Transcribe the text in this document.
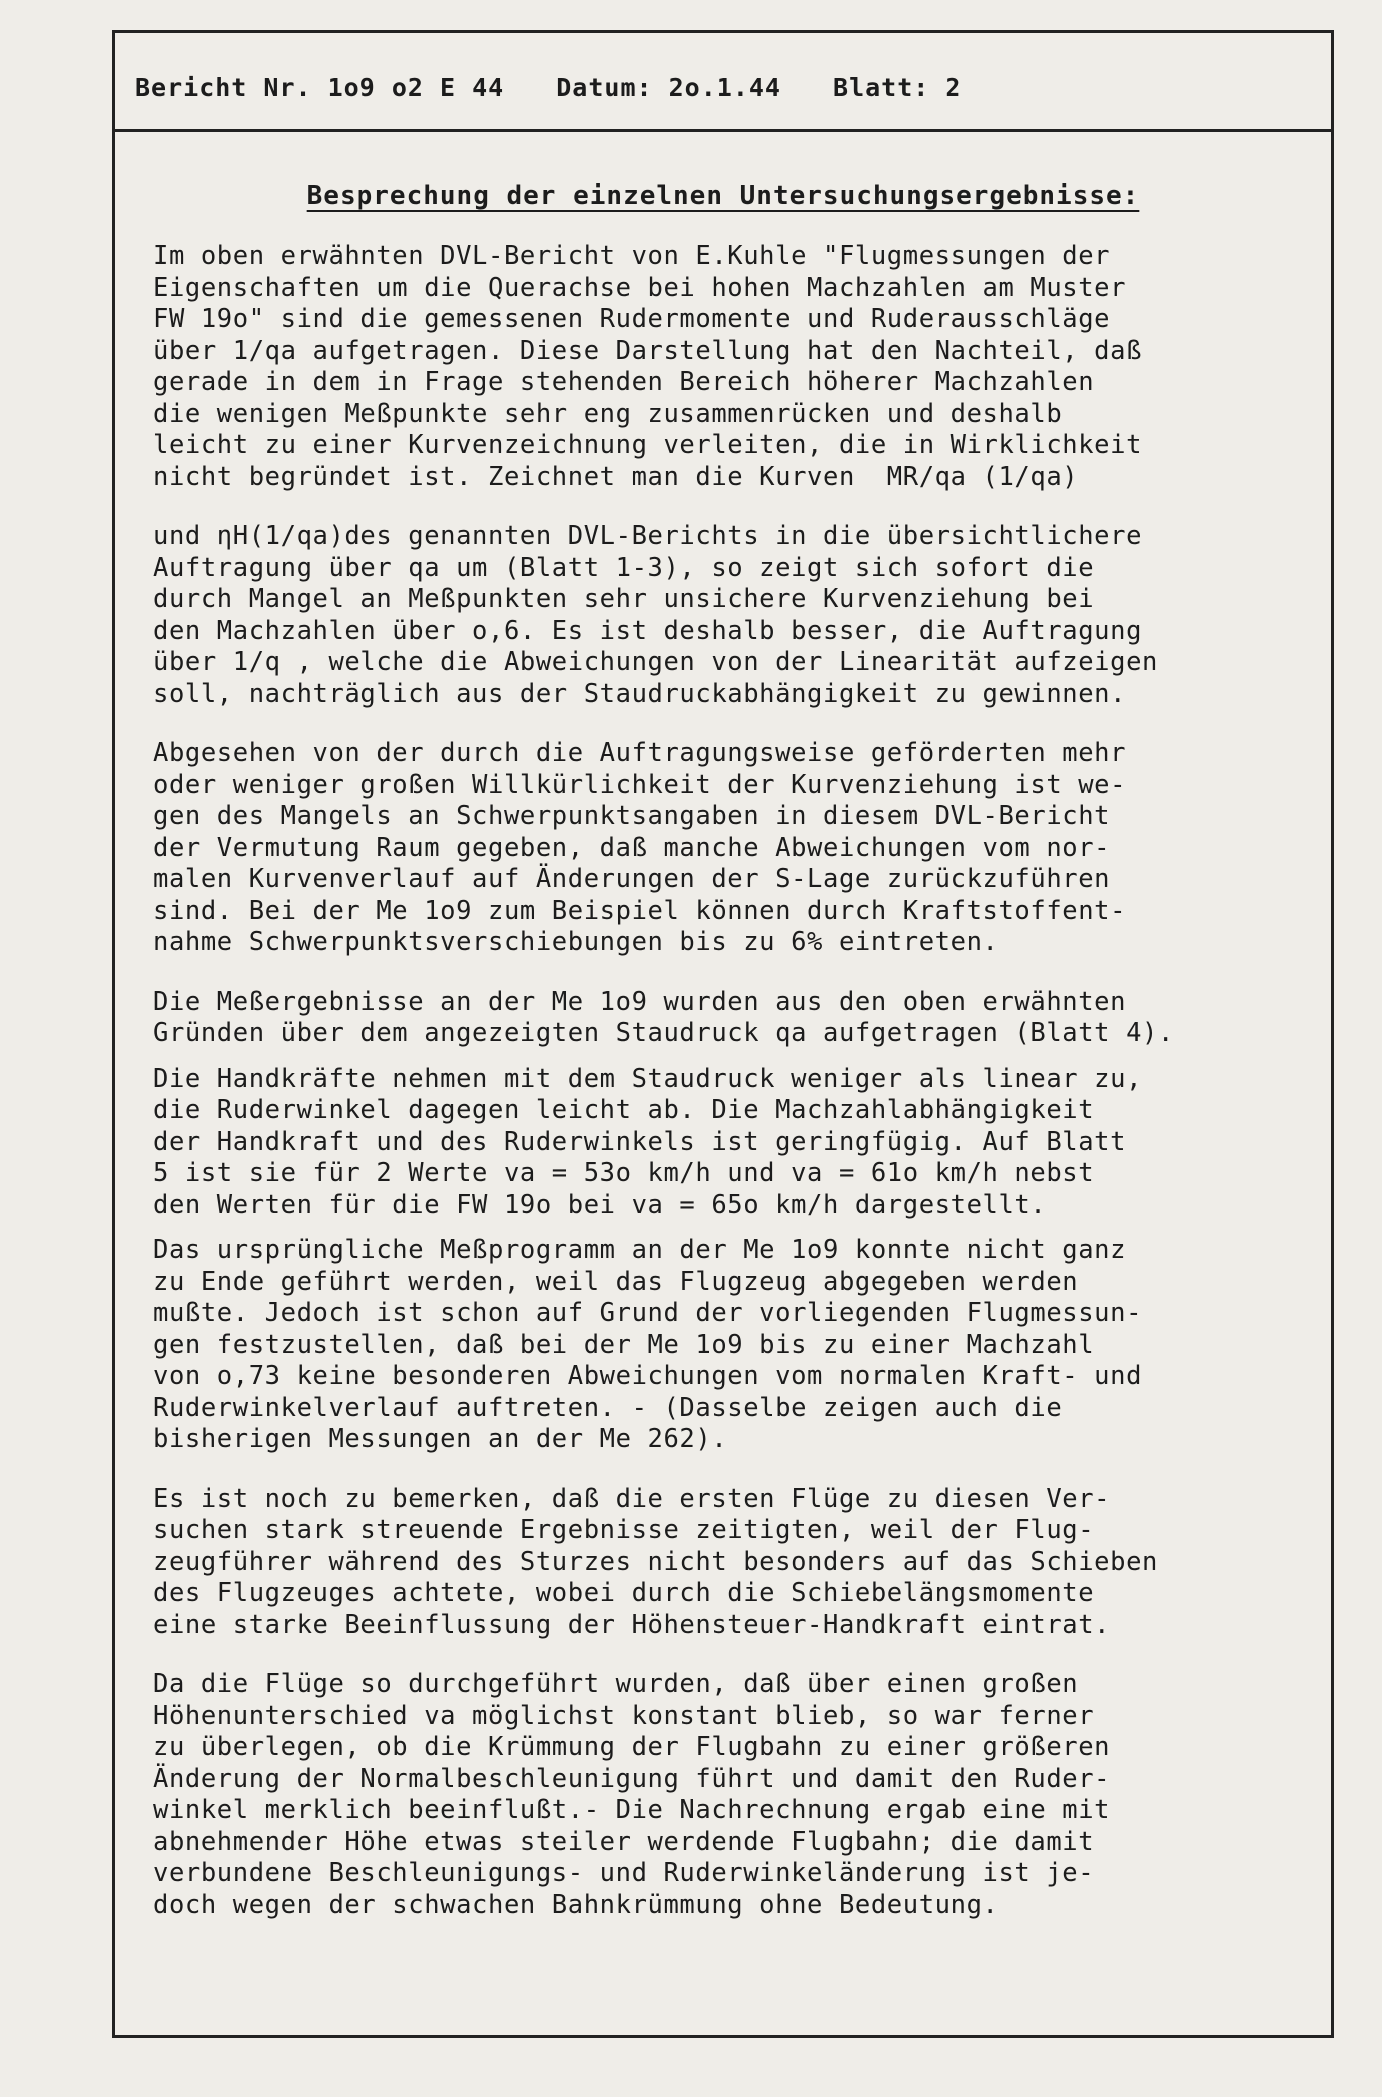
Bericht Nr. 1o9 o2 E 44 Datum: 2o.1.44 Blatt: 2
Besprechung der einzelnen Untersuchungsergebnisse:

Im oben erwähnten DVL-Bericht von E.Kuhle "Flugmessungen der
Eigenschaften um die Querachse bei hohen Machzahlen am Muster
FW 19o" sind die gemessenen Rudermomente und Ruderausschläge
über 1/qa aufgetragen. Diese Darstellung hat den Nachteil, daß
gerade in dem in Frage stehenden Bereich höherer Machzahlen
die wenigen Meßpunkte sehr eng zusammenrücken und deshalb
leicht zu einer Kurvenzeichnung verleiten, die in Wirklichkeit
nicht begründet ist. Zeichnet man die Kurven  MR/qa (1/qa)

und ηH(1/qa)des genannten DVL-Berichts in die übersichtlichere
Auftragung über qa um (Blatt 1-3), so zeigt sich sofort die
durch Mangel an Meßpunkten sehr unsichere Kurvenziehung bei
den Machzahlen über o,6. Es ist deshalb besser, die Auftragung
über 1/q , welche die Abweichungen von der Linearität aufzeigen
soll, nachträglich aus der Staudruckabhängigkeit zu gewinnen.

Abgesehen von der durch die Auftragungsweise geförderten mehr
oder weniger großen Willkürlichkeit der Kurvenziehung ist we-
gen des Mangels an Schwerpunktsangaben in diesem DVL-Bericht
der Vermutung Raum gegeben, daß manche Abweichungen vom nor-
malen Kurvenverlauf auf Änderungen der S-Lage zurückzuführen
sind. Bei der Me 1o9 zum Beispiel können durch Kraftstoffent-
nahme Schwerpunktsverschiebungen bis zu 6% eintreten.

Die Meßergebnisse an der Me 1o9 wurden aus den oben erwähnten
Gründen über dem angezeigten Staudruck qa aufgetragen (Blatt 4).

Die Handkräfte nehmen mit dem Staudruck weniger als linear zu,
die Ruderwinkel dagegen leicht ab. Die Machzahlabhängigkeit
der Handkraft und des Ruderwinkels ist geringfügig. Auf Blatt
5 ist sie für 2 Werte va = 53o km/h und va = 61o km/h nebst
den Werten für die FW 19o bei va = 65o km/h dargestellt.

Das ursprüngliche Meßprogramm an der Me 1o9 konnte nicht ganz
zu Ende geführt werden, weil das Flugzeug abgegeben werden
mußte. Jedoch ist schon auf Grund der vorliegenden Flugmessun-
gen festzustellen, daß bei der Me 1o9 bis zu einer Machzahl
von o,73 keine besonderen Abweichungen vom normalen Kraft- und
Ruderwinkelverlauf auftreten. - (Dasselbe zeigen auch die
bisherigen Messungen an der Me 262).

Es ist noch zu bemerken, daß die ersten Flüge zu diesen Ver-
suchen stark streuende Ergebnisse zeitigten, weil der Flug-
zeugführer während des Sturzes nicht besonders auf das Schieben
des Flugzeuges achtete, wobei durch die Schiebelängsmomente
eine starke Beeinflussung der Höhensteuer-Handkraft eintrat.

Da die Flüge so durchgeführt wurden, daß über einen großen
Höhenunterschied va möglichst konstant blieb, so war ferner
zu überlegen, ob die Krümmung der Flugbahn zu einer größeren
Änderung der Normalbeschleunigung führt und damit den Ruder-
winkel merklich beeinflußt.- Die Nachrechnung ergab eine mit
abnehmender Höhe etwas steiler werdende Flugbahn; die damit
verbundene Beschleunigungs- und Ruderwinkeländerung ist je-
doch wegen der schwachen Bahnkrümmung ohne Bedeutung.
